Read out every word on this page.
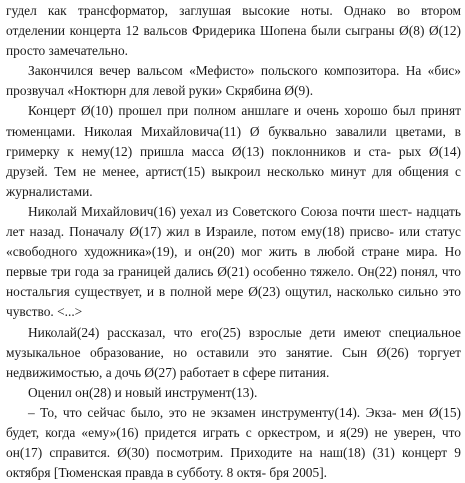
гудел как трансформатор, заглушая высокие ноты. Однако во втором отделении концерта 12 вальсов Фридерика Шопена были сыграны Ø(8) Ø(12) просто замечательно.

Закончился вечер вальсом «Мефисто» польского композитора. На «бис» прозвучал «Ноктюрн для левой руки» Скрябина Ø(9).

Концерт Ø(10) прошел при полном аншлаге и очень хорошо был принят тюменцами. Николая Михайловича(11) Ø буквально завалили цветами, в гримерку к нему(12) пришла масса Ø(13) поклонников и ста- рых Ø(14) друзей. Тем не менее, артист(15) выкроил несколько минут для общения с журналистами.

Николай Михайлович(16) уехал из Советского Союза почти шест- надцать лет назад. Поначалу Ø(17) жил в Израиле, потом ему(18) присво- или статус «свободного художника»(19), и он(20) мог жить в любой стране мира. Но первые три года за границей дались Ø(21) особенно тяжело. Он(22) понял, что ностальгия существует, и в полной мере Ø(23) ощутил, насколько сильно это чувство. <...>

Николай(24) рассказал, что его(25) взрослые дети имеют специальное музыкальное образование, но оставили это занятие. Сын Ø(26) торгует недвижимостью, а дочь Ø(27) работает в сфере питания.

Оценил он(28) и новый инструмент(13).

– То, что сейчас было, это не экзамен инструменту(14). Экза- мен Ø(15) будет, когда «ему»(16) придется играть с оркестром, и я(29) не уверен, что он(17) справится. Ø(30) посмотрим. Приходите на наш(18) (31) концерт 9 октября [Тюменская правда в субботу. 8 октя- бря 2005].
